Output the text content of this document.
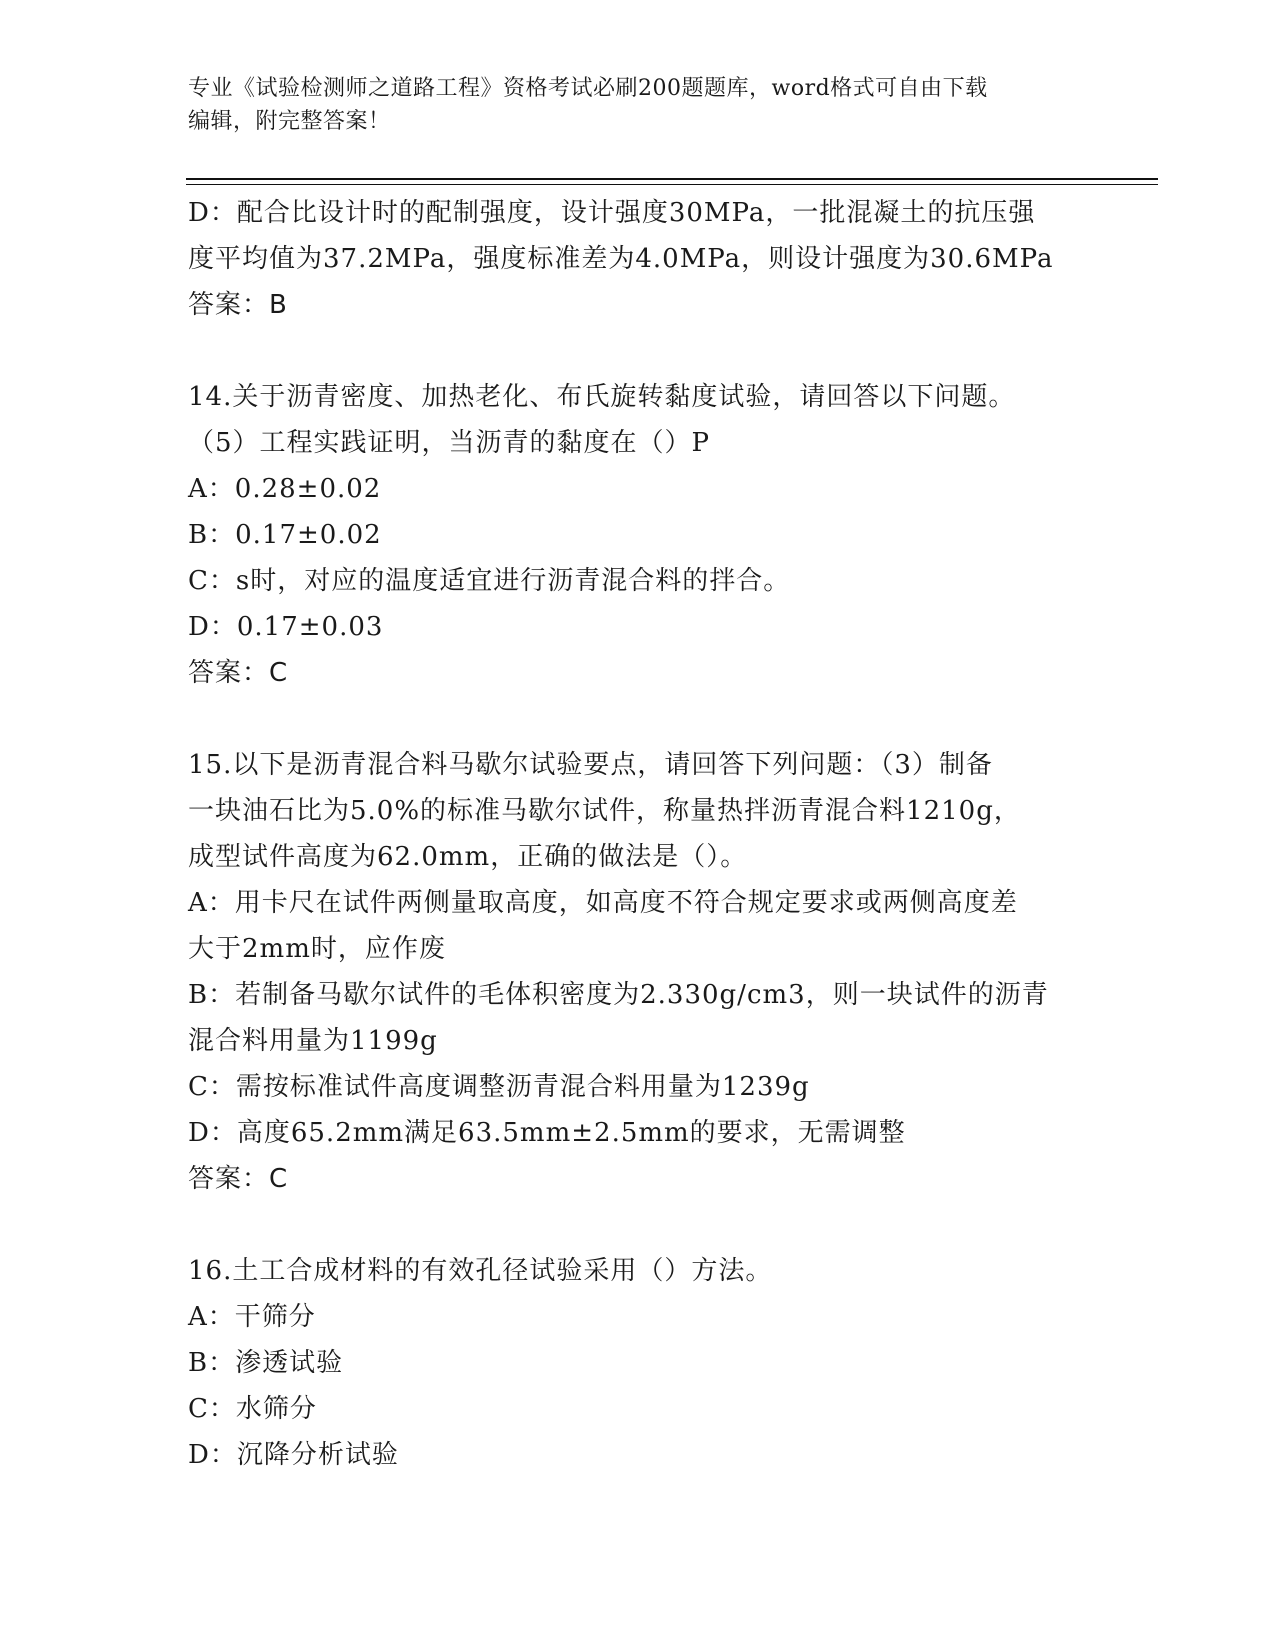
专业《试验检测师之道路工程》资格考试必刷200题题库，word格式可自由下载
编辑，附完整答案！

D：配合比设计时的配制强度，设计强度30MPa，一批混凝土的抗压强

度平均值为37.2MPa，强度标准差为4.0MPa，则设计强度为30.6MPa

答案：B

14.关于沥青密度、加热老化、布氏旋转黏度试验，请回答以下问题。

（5）工程实践证明，当沥青的黏度在（）P

A：0.28±0.02

B：0.17±0.02

C：s时，对应的温度适宜进行沥青混合料的拌合。

D：0.17±0.03

答案：C

15.以下是沥青混合料马歇尔试验要点，请回答下列问题：（3）制备

一块油石比为5.0%的标准马歇尔试件，称量热拌沥青混合料1210g，

成型试件高度为62.0mm，正确的做法是（）。

A：用卡尺在试件两侧量取高度，如高度不符合规定要求或两侧高度差

大于2mm时，应作废

B：若制备马歇尔试件的毛体积密度为2.330g/cm3，则一块试件的沥青

混合料用量为1199g

C：需按标准试件高度调整沥青混合料用量为1239g

D：高度65.2mm满足63.5mm±2.5mm的要求，无需调整

答案：C

16.土工合成材料的有效孔径试验采用（）方法。

A：干筛分

B：渗透试验

C：水筛分

D：沉降分析试验
